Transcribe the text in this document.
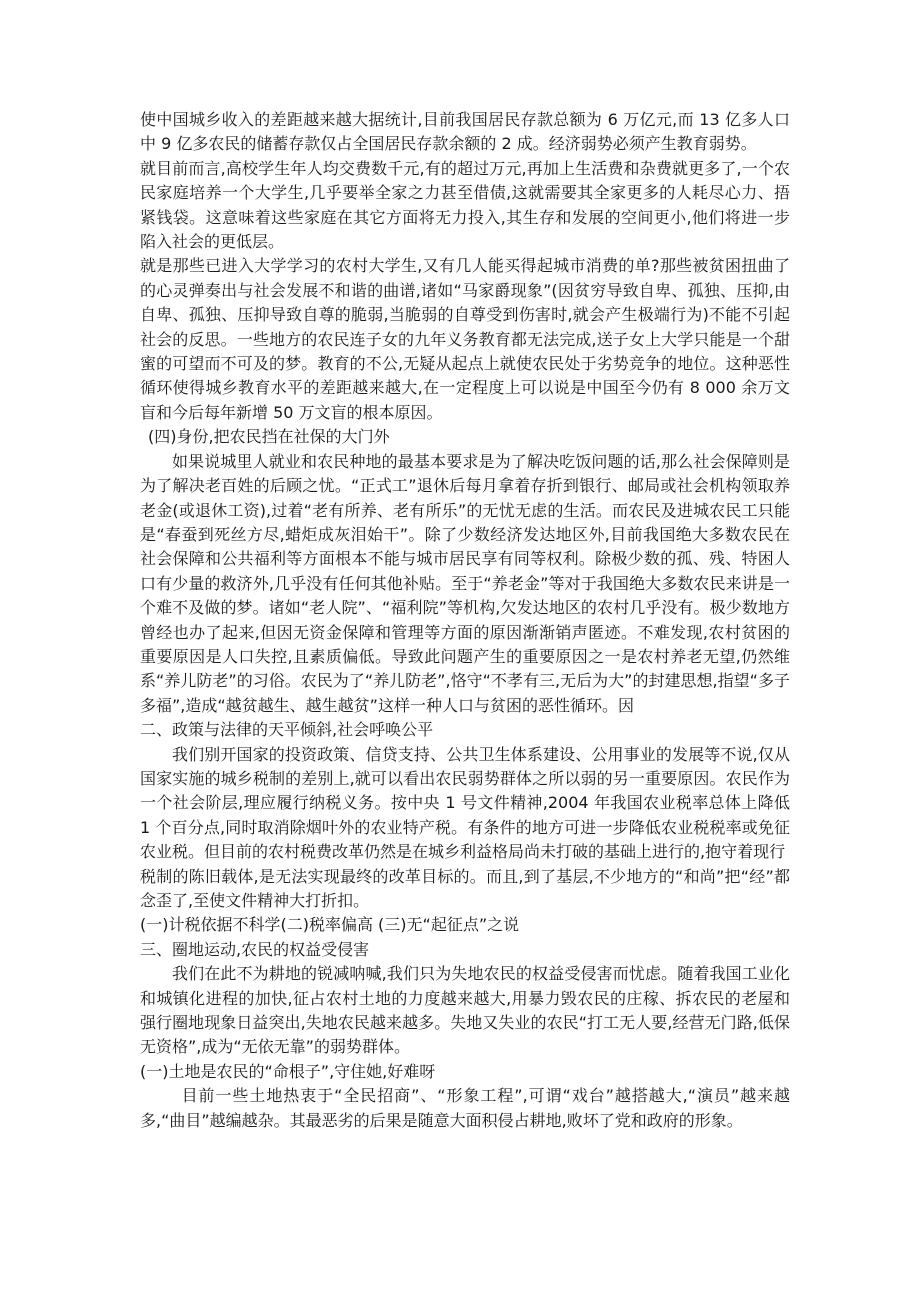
使中国城乡收入的差距越来越大据统计,目前我国居民存款总额为 6 万亿元,而 13 亿多人口中 9 亿多农民的储蓄存款仅占全国居民存款余额的 2 成。经济弱势必须产生教育弱势。

就目前而言,高校学生年人均交费数千元,有的超过万元,再加上生活费和杂费就更多了,一个农民家庭培养一个大学生,几乎要举全家之力甚至借债,这就需要其全家更多的人耗尽心力、捂紧钱袋。这意味着这些家庭在其它方面将无力投入,其生存和发展的空间更小,他们将进一步陷入社会的更低层。

就是那些已进入大学学习的农村大学生,又有几人能买得起城市消费的单?那些被贫困扭曲了的心灵弹奏出与社会发展不和谐的曲谱,诸如“马家爵现象”(因贫穷导致自卑、孤独、压抑,由自卑、孤独、压抑导致自尊的脆弱,当脆弱的自尊受到伤害时,就会产生极端行为)不能不引起社会的反思。一些地方的农民连子女的九年义务教育都无法完成,送子女上大学只能是一个甜蜜的可望而不可及的梦。教育的不公,无疑从起点上就使农民处于劣势竞争的地位。这种恶性循环使得城乡教育水平的差距越来越大,在一定程度上可以说是中国至今仍有 8 000 余万文盲和今后每年新增 50 万文盲的根本原因。

(四)身份,把农民挡在社保的大门外

如果说城里人就业和农民种地的最基本要求是为了解决吃饭问题的话,那么社会保障则是为了解决老百姓的后顾之忧。“正式工”退休后每月拿着存折到银行、邮局或社会机构领取养老金(或退休工资),过着“老有所养、老有所乐”的无忧无虑的生活。而农民及进城农民工只能是“春蚕到死丝方尽,蜡炬成灰泪始干”。除了少数经济发达地区外,目前我国绝大多数农民在社会保障和公共福利等方面根本不能与城市居民享有同等权利。除极少数的孤、残、特困人口有少量的救济外,几乎没有任何其他补贴。至于“养老金”等对于我国绝大多数农民来讲是一个难不及做的梦。诸如“老人院”、“福利院”等机构,欠发达地区的农村几乎没有。极少数地方曾经也办了起来,但因无资金保障和管理等方面的原因渐渐销声匿迹。不难发现,农村贫困的重要原因是人口失控,且素质偏低。导致此问题产生的重要原因之一是农村养老无望,仍然维系“养儿防老”的习俗。农民为了“养儿防老”,恪守“不孝有三,无后为大”的封建思想,指望“多子多福”,造成“越贫越生、越生越贫”这样一种人口与贫困的恶性循环。因

二、政策与法律的天平倾斜,社会呼唤公平

我们别开国家的投资政策、信贷支持、公共卫生体系建设、公用事业的发展等不说,仅从国家实施的城乡税制的差别上,就可以看出农民弱势群体之所以弱的另一重要原因。农民作为一个社会阶层,理应履行纳税义务。按中央 1 号文件精神,2004 年我国农业税率总体上降低 1 个百分点,同时取消除烟叶外的农业特产税。有条件的地方可进一步降低农业税税率或免征农业税。但目前的农村税费改革仍然是在城乡利益格局尚未打破的基础上进行的,抱守着现行

税制的陈旧载体,是无法实现最终的改革目标的。而且,到了基层,不少地方的“和尚”把“经”都念歪了,至使文件精神大打折扣。

(一)计税依据不科学(二)税率偏高 (三)无“起征点”之说

三、圈地运动,农民的权益受侵害

我们在此不为耕地的锐减呐喊,我们只为失地农民的权益受侵害而忧虑。随着我国工业化和城镇化进程的加快,征占农村土地的力度越来越大,用暴力毁农民的庄稼、拆农民的老屋和强行圈地现象日益突出,失地农民越来越多。失地又失业的农民“打工无人要,经营无门路,低保无资格”,成为“无依无靠”的弱势群体。

(一)土地是农民的“命根子”,守住她,好难呀

目前一些土地热衷于“全民招商”、“形象工程”,可谓“戏台”越搭越大,“演员”越来越多,“曲目”越编越杂。其最恶劣的后果是随意大面积侵占耕地,败坏了党和政府的形象。
